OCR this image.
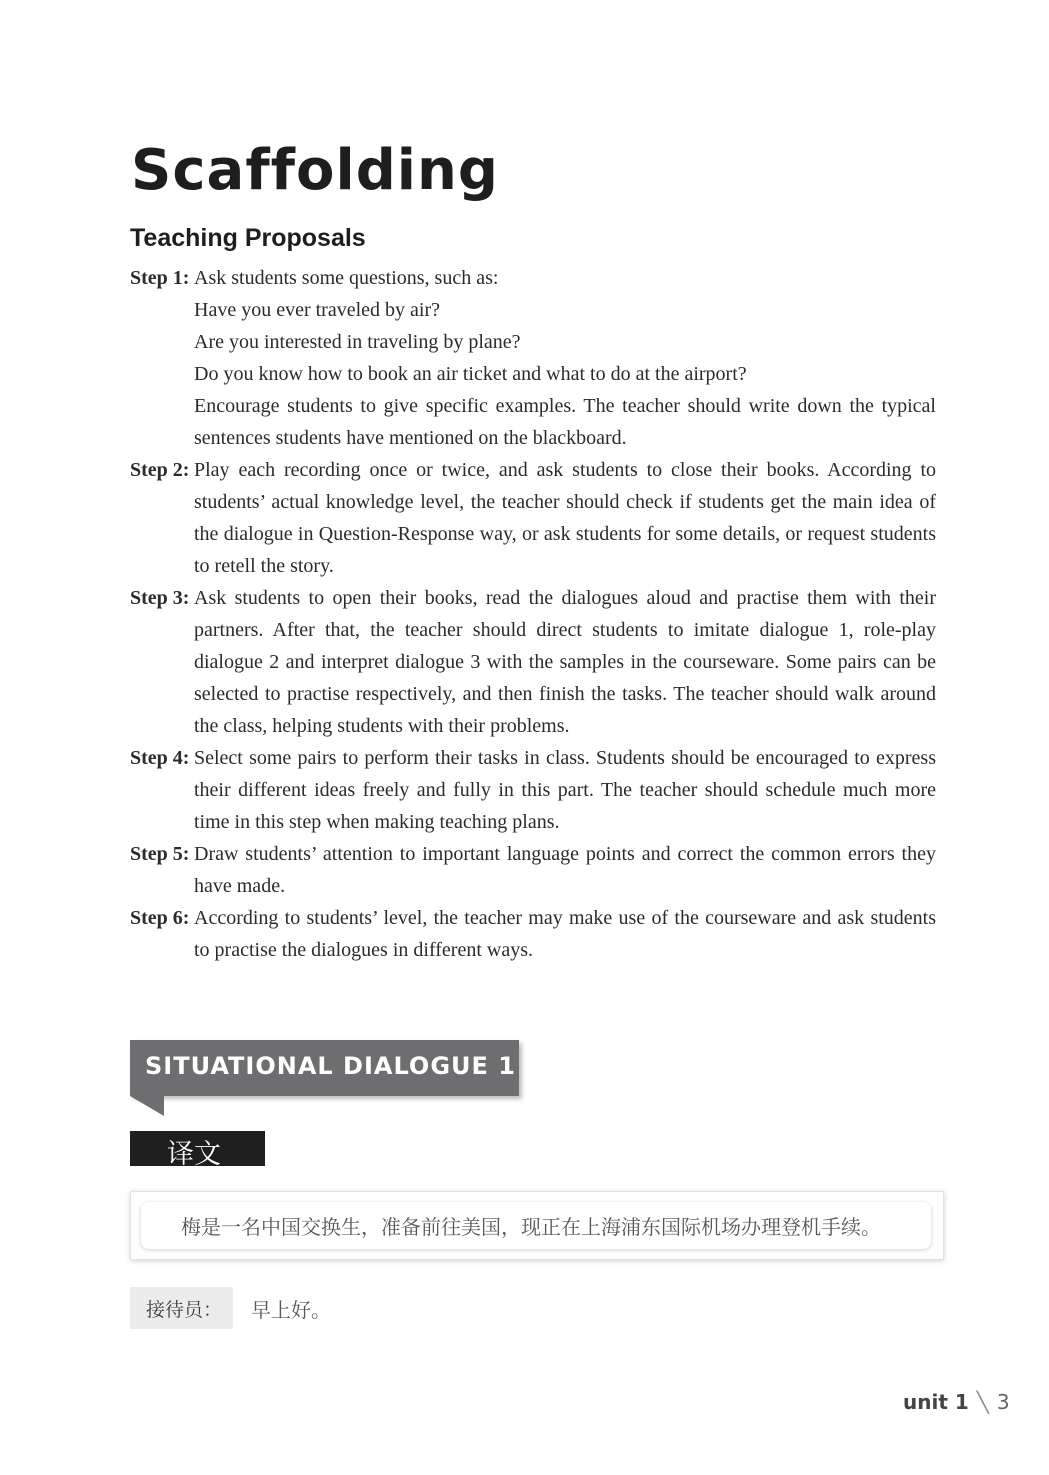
Scaffolding
Teaching Proposals
Step 1: Ask students some questions, such as:

Have you ever traveled by air?

Are you interested in traveling by plane?

Do you know how to book an air ticket and what to do at the airport?

Encourage students to give specific examples. The teacher should write down the typical sentences students have mentioned on the blackboard.

Step 2: Play each recording once or twice, and ask students to close their books. According to students’ actual knowledge level, the teacher should check if students get the main idea of the dialogue in Question-Response way, or ask students for some details, or request students to retell the story.

Step 3: Ask students to open their books, read the dialogues aloud and practise them with their partners. After that, the teacher should direct students to imitate dialogue 1, role-play dialogue 2 and interpret dialogue 3 with the samples in the courseware. Some pairs can be selected to practise respectively, and then finish the tasks. The teacher should walk around the class, helping students with their problems.

Step 4: Select some pairs to perform their tasks in class. Students should be encouraged to express their different ideas freely and fully in this part. The teacher should schedule much more time in this step when making teaching plans.

Step 5: Draw students’ attention to important language points and correct the common errors they have made.

Step 6: According to students’ level, the teacher may make use of the courseware and ask students to practise the dialogues in different ways.

SITUATIONAL DIALOGUE 1
译文
梅是一名中国交换生，准备前往美国，现正在上海浦东国际机场办理登机手续。
接待员： 早上好。
unit 1 ╲ 3
